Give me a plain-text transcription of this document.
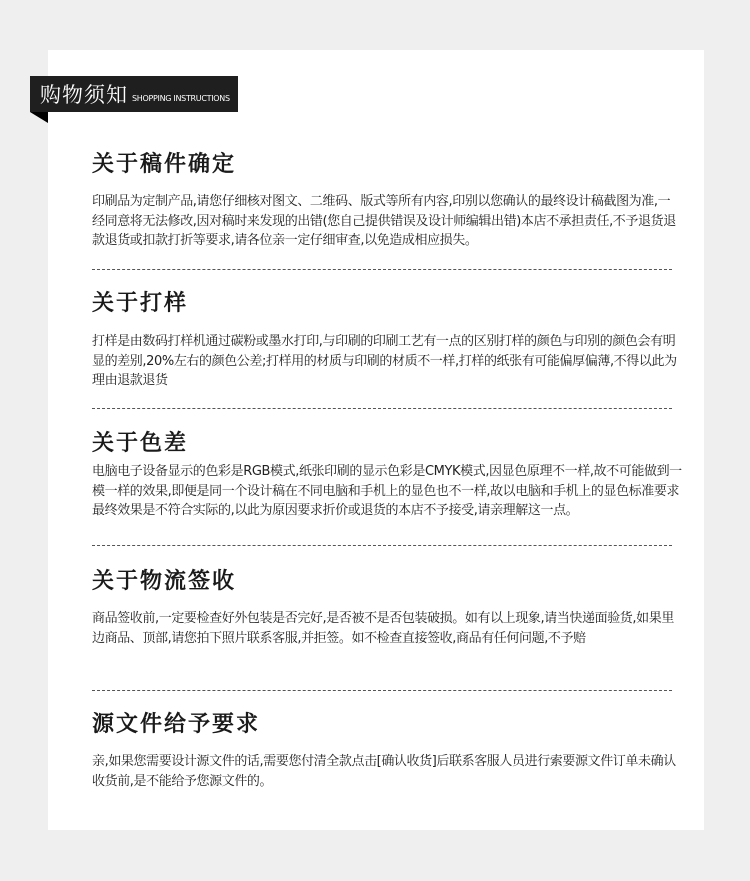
购物须知 SHOPPING INSTRUCTIONS
关于稿件确定

印刷品为定制产品,请您仔细核对图文、二维码、版式等所有内容,印别以您确认的最终设计稿截图为准,一经同意将无法修改,因对稿时来发现的出错(您自己提供错误及设计师编辑出错)本店不承担责任,不予退货退款退货或扣款打折等要求,请各位亲一定仔细审查,以免造成相应损失。

关于打样

打样是由数码打样机通过碳粉或墨水打印,与印刷的印刷工艺有一点的区别打样的颜色与印别的颜色会有明显的差别,20%左右的颜色公差;打样用的材质与印刷的材质不一样,打样的纸张有可能偏厚偏薄,不得以此为理由退款退货

关于色差

电脑电子设备显示的色彩是RGB模式,纸张印刷的显示色彩是CMYK模式,因显色原理不一样,故不可能做到一模一样的效果,即便是同一个设计稿在不同电脑和手机上的显色也不一样,故以电脑和手机上的显色标准要求最终效果是不符合实际的,以此为原因要求折价或退货的本店不予接受,请亲理解这一点。

关于物流签收

商品签收前,一定要检查好外包装是否完好,是否被不是否包装破损。如有以上现象,请当快递面验货,如果里边商品、顶部,请您拍下照片联系客服,并拒签。如不检查直接签收,商品有任何问题,不予赔

源文件给予要求

亲,如果您需要设计源文件的话,需要您付清全款点击[确认收货]后联系客服人员进行索要源文件订单未确认收货前,是不能给予您源文件的。
